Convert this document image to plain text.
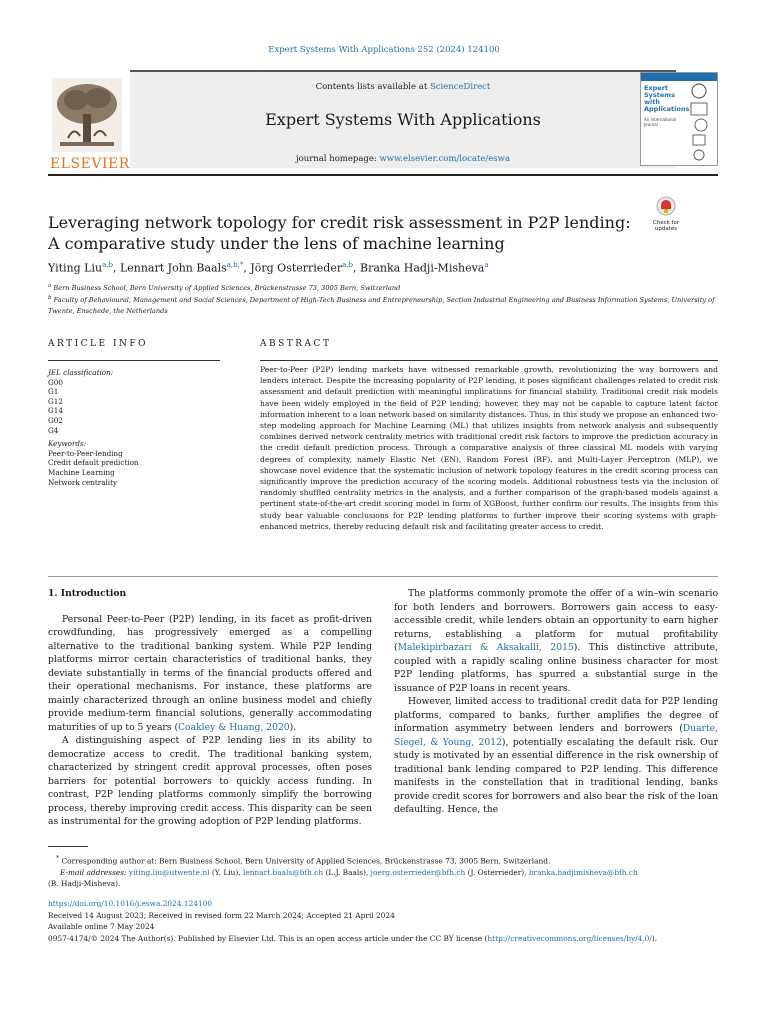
Expert Systems With Applications 252 (2024) 124100
ELSEVIER
Contents lists available at ScienceDirect
Expert Systems With Applications
journal homepage: www.elsevier.com/locate/eswa
Expert Systems with Applications
An International Journal
Leveraging network topology for credit risk assessment in P2P lending: A comparative study under the lens of machine learning
Check for updates
Yiting Liu$^{a,b}$, Lennart John Baals$^{a,b,*}$, Jörg Osterrieder$^{a,b}$, Branka Hadji-Misheva$^a$
$^a$ Bern Business School, Bern University of Applied Sciences, Brückenstrasse 73, 3005 Bern, Switzerland
$^b$ Faculty of Behavioural, Management and Social Sciences, Department of High-Tech Business and Entrepreneurship, Section Industrial Engineering and Business Information Systems, University of Twente, Enschede, the Netherlands
ARTICLE INFO	ABSTRACT
JEL classification:
G00
G1
G12
G14
G02
G4
Keywords:
Peer-to-Peer-lending
Credit default prediction
Machine Learning
Network centrality
Peer-to-Peer (P2P) lending markets have witnessed remarkable growth, revolutionizing the way borrowers and lenders interact. Despite the increasing popularity of P2P lending, it poses significant challenges related to credit risk assessment and default prediction with meaningful implications for financial stability. Traditional credit risk models have been widely employed in the field of P2P lending; however, they may not be capable to capture latent factor information inherent to a loan network based on similarity distances. Thus, in this study we propose an enhanced two-step modeling approach for Machine Learning (ML) that utilizes insights from network analysis and subsequently combines derived network centrality metrics with traditional credit risk factors to improve the prediction accuracy in the credit default prediction process. Through a comparative analysis of three classical ML models with varying degrees of complexity, namely Elastic Net (EN), Random Forest (RF), and Multi-Layer Perceptron (MLP), we showcase novel evidence that the systematic inclusion of network topology features in the credit scoring process can significantly improve the prediction accuracy of the scoring models. Additional robustness tests via the inclusion of randomly shuffled centrality metrics in the analysis, and a further comparison of the graph-based models against a pertinent state-of-the-art credit scoring model in form of XGBoost, further confirm our results. The insights from this study bear valuable conclusions for P2P lending platforms to further improve their scoring systems with graph-enhanced metrics, thereby reducing default risk and facilitating greater access to credit.
1. Introduction

Personal Peer-to-Peer (P2P) lending, in its facet as profit-driven crowdfunding, has progressively emerged as a compelling alternative to the traditional banking system. While P2P lending platforms mirror certain characteristics of traditional banks, they deviate substantially in terms of the financial products offered and their operational mechanisms. For instance, these platforms are mainly characterized through an online business model and chiefly provide medium-term financial solutions, generally accommodating maturities of up to 5 years (Coakley & Huang, 2020).

A distinguishing aspect of P2P lending lies in its ability to democratize access to credit. The traditional banking system, characterized by stringent credit approval processes, often poses barriers for potential borrowers to quickly access funding. In contrast, P2P lending platforms commonly simplify the borrowing process, thereby improving credit access. This disparity can be seen as instrumental for the growing adoption of P2P lending platforms.

The platforms commonly promote the offer of a win–win scenario for both lenders and borrowers. Borrowers gain access to easy-accessible credit, while lenders obtain an opportunity to earn higher returns, establishing a platform for mutual profitability (Malekipirbazari & Aksakalli, 2015). This distinctive attribute, coupled with a rapidly scaling online business character for most P2P lending platforms, has spurred a substantial surge in the issuance of P2P loans in recent years.

However, limited access to traditional credit data for P2P lending platforms, compared to banks, further amplifies the degree of information asymmetry between lenders and borrowers (Duarte, Siegel, & Young, 2012), potentially escalating the default risk. Our study is motivated by an essential difference in the risk ownership of traditional bank lending compared to P2P lending. This difference manifests in the constellation that in traditional lending, banks provide credit scores for borrowers and also bear the risk of the loan defaulting. Hence, the

* Corresponding author at: Bern Business School, Bern University of Applied Sciences, Brückenstrasse 73, 3005 Bern, Switzerland.
E-mail addresses: yiting.liu@utwente.nl (Y. Liu), lennart.baals@bfh.ch (L.J. Baals), joerg.osterrieder@bfh.ch (J. Osterrieder), branka.hadjimisheva@bfh.ch
(B. Hadji-Misheva).
https://doi.org/10.1016/j.eswa.2024.124100
Received 14 August 2023; Received in revised form 22 March 2024; Accepted 21 April 2024
Available online 7 May 2024
0957-4174/© 2024 The Author(s). Published by Elsevier Ltd. This is an open access article under the CC BY license (http://creativecommons.org/licenses/by/4.0/).
